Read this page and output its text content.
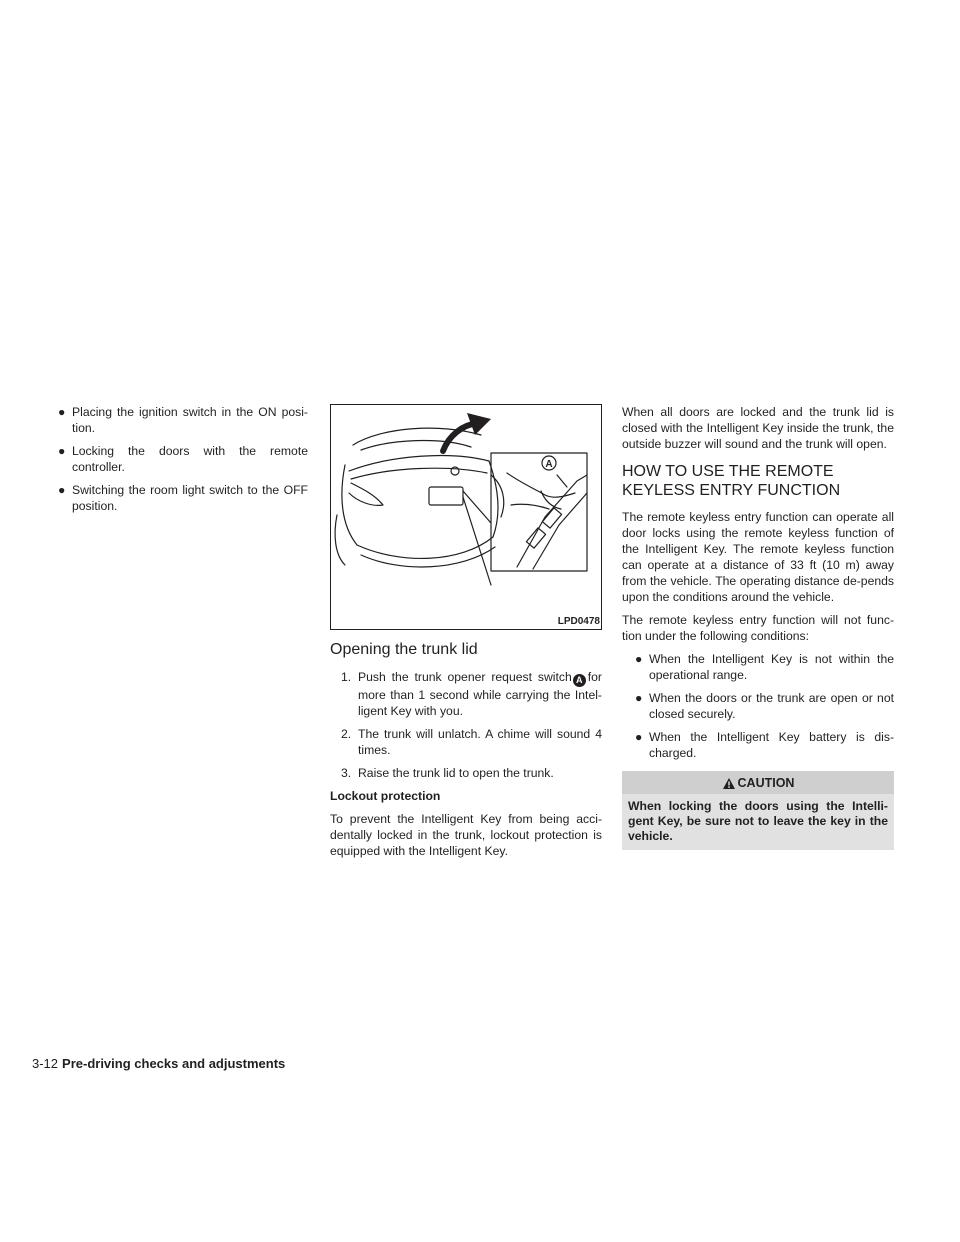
● Placing the ignition switch in the ON posi-tion.
● Locking the doors with the remote controller.
● Switching the room light switch to the OFF position.
A
LPD0478
Opening the trunk lid
1. Push the trunk opener request switch A for more than 1 second while carrying the Intel-ligent Key with you.
2. The trunk will unlatch. A chime will sound 4 times.
3. Raise the trunk lid to open the trunk.
Lockout protection

To prevent the Intelligent Key from being acci-dentally locked in the trunk, lockout protection is equipped with the Intelligent Key.

When all doors are locked and the trunk lid is closed with the Intelligent Key inside the trunk, the outside buzzer will sound and the trunk will open.

HOW TO USE THE REMOTE
KEYLESS ENTRY FUNCTION

The remote keyless entry function can operate all door locks using the remote keyless function of the Intelligent Key. The remote keyless function can operate at a distance of 33 ft (10 m) away from the vehicle. The operating distance de-pends upon the conditions around the vehicle.

The remote keyless entry function will not func-tion under the following conditions:

● When the Intelligent Key is not within the operational range.
● When the doors or the trunk are open or not closed securely.
● When the Intelligent Key battery is dis-charged.
CAUTION
When locking the doors using the Intelli-gent Key, be sure not to leave the key in the vehicle.
3-12 Pre-driving checks and adjustments
